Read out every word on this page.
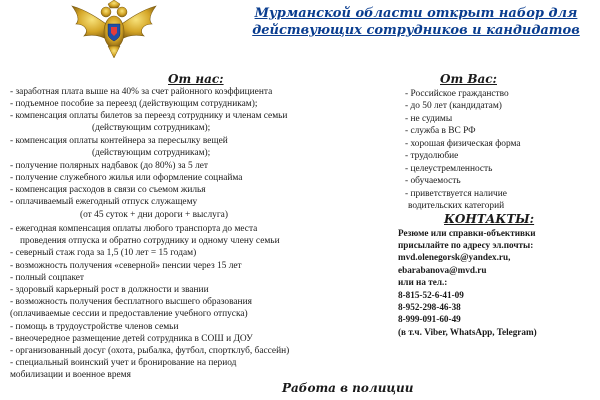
Мурманской области открыт набор для
действующих сотрудников и кандидатов
От нас:
- заработная плата выше на 40% за счет районного коэффициента
- подъемное пособие за переезд (действующим сотрудникам);
- компенсация оплаты билетов за переезд сотруднику и членам семьи
(действующим сотрудникам);
- компенсация оплаты контейнера за пересылку вещей
(действующим сотрудникам);
- получение полярных надбавок (до 80%) за 5 лет
- получение служебного жилья или оформление соцнайма
- компенсация расходов в связи со съемом жилья
- оплачиваемый ежегодный отпуск служащему
(от 45 суток + дни дороги + выслуга)
- ежегодная компенсация оплаты любого транспорта до места
проведения отпуска и обратно сотруднику и одному члену семьи
- северный стаж года за 1,5 (10 лет = 15 годам)
- возможность получения «северной» пенсии через 15 лет
- полный соцпакет
- здоровый карьерный рост в должности и звании
- возможность получения бесплатного высшего образования
(оплачиваемые сессии и предоставление учебного отпуска)
- помощь в трудоустройстве членов семьи
- внеочередное размещение детей сотрудника в СОШ и ДОУ
- организованный досуг (охота, рыбалка, футбол, спортклуб, бассейн)
- специальный воинский учет и бронирование на период
мобилизации и военное время
От Вас:
- Российское гражданство
- до 50 лет (кандидатам)
- не судимы
- служба в ВС РФ
- хорошая физическая форма
- трудолюбие
- целеустремленность
- обучаемость
- приветствуется наличие
водительских категорий
КОНТАКТЫ:
Резюме или справки-объективки
присылайте по адресу эл.почты:
mvd.olenegorsk@yandex.ru,
ebarabanova@mvd.ru
или на тел.:
8-815-52-6-41-09
8-952-298-46-38
8-999-091-60-49
(в т.ч. Viber, WhatsApp, Telegram)
Работа в полиции
